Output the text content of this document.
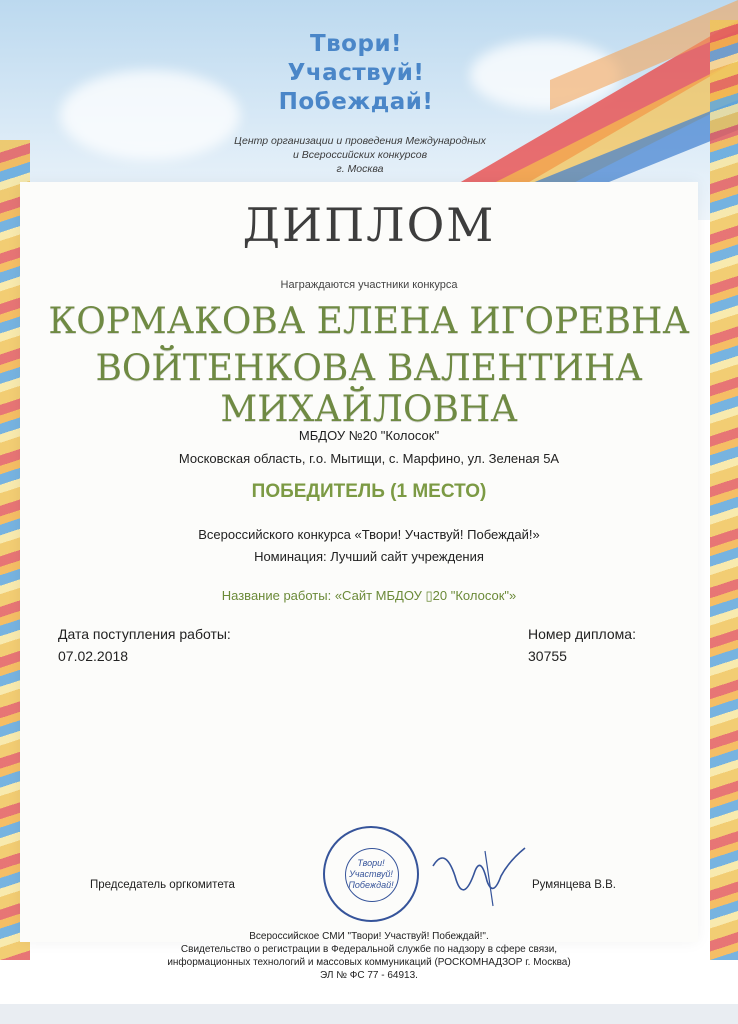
Твори!
Участвуй!
Побеждай!
Центр организации и проведения Международных
и Всероссийских конкурсов
г. Москва
ДИПЛОМ
Награждаются участники конкурса
КОРМАКОВА ЕЛЕНА ИГОРЕВНА
ВОЙТЕНКОВА ВАЛЕНТИНА МИХАЙЛОВНА
МБДОУ №20 "Колосок"
Московская область, г.о. Мытищи, с. Марфино, ул. Зеленая 5А
ПОБЕДИТЕЛЬ (1 МЕСТО)
Всероссийского конкурса «Твори! Участвуй! Побеждай!»
Номинация: Лучший сайт учреждения
Название работы: «Сайт МБДОУ ▯20 "Колосок"»
Дата поступления работы:
07.02.2018
Номер диплома:
30755
Председатель оргкомитета	Румянцева В.В.
Твори!
Участвуй!
Побеждай!
Всероссийское СМИ "Твори! Участвуй! Побеждай!".
Свидетельство о регистрации в Федеральной службе по надзору в сфере связи,
информационных технологий и массовых коммуникаций (РОСКОМНАДЗОР г. Москва)
ЭЛ № ФС 77 - 64913.
